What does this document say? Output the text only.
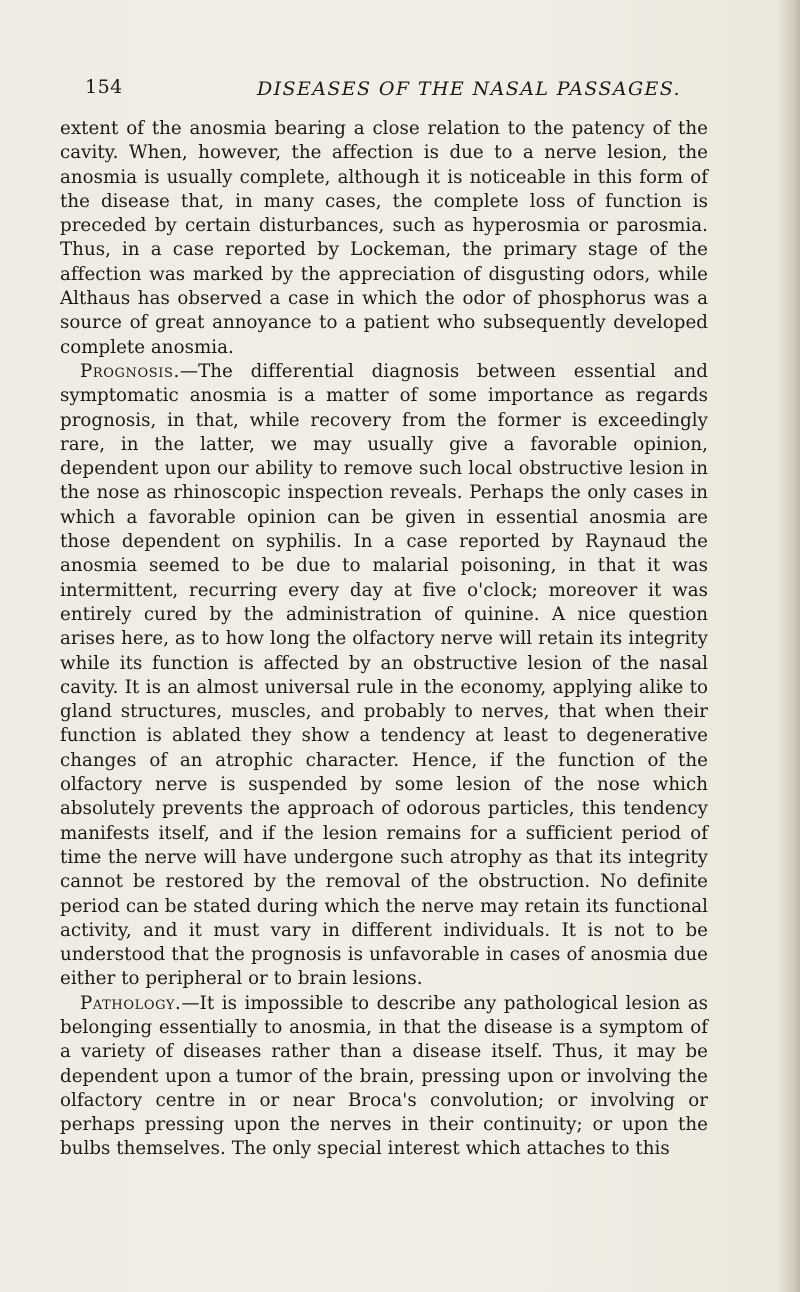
154	DISEASES OF THE NASAL PASSAGES.

extent of the anosmia bearing a close relation to the patency of the cavity. When, however, the affection is due to a nerve lesion, the anosmia is usually complete, although it is noticeable in this form of the disease that, in many cases, the complete loss of function is preceded by certain disturbances, such as hyperosmia or parosmia. Thus, in a case reported by Lockeman, the primary stage of the affection was marked by the appreciation of disgusting odors, while Althaus has observed a case in which the odor of phosphorus was a source of great annoyance to a patient who subsequently developed complete anosmia.

Prognosis.—The differential diagnosis between essential and symptomatic anosmia is a matter of some importance as regards prognosis, in that, while recovery from the former is exceedingly rare, in the latter, we may usually give a favorable opinion, dependent upon our ability to remove such local obstructive lesion in the nose as rhinoscopic inspection reveals. Perhaps the only cases in which a favorable opinion can be given in essential anosmia are those dependent on syphilis. In a case reported by Raynaud the anosmia seemed to be due to malarial poisoning, in that it was intermittent, recurring every day at five o'clock; moreover it was entirely cured by the administration of quinine. A nice question arises here, as to how long the olfactory nerve will retain its integrity while its function is affected by an obstructive lesion of the nasal cavity. It is an almost universal rule in the economy, applying alike to gland structures, muscles, and probably to nerves, that when their function is ablated they show a tendency at least to degenerative changes of an atrophic character. Hence, if the function of the olfactory nerve is suspended by some lesion of the nose which absolutely prevents the approach of odorous particles, this tendency manifests itself, and if the lesion remains for a sufficient period of time the nerve will have undergone such atrophy as that its integrity cannot be restored by the removal of the obstruction. No definite period can be stated during which the nerve may retain its functional activity, and it must vary in different individuals. It is not to be understood that the prognosis is unfavorable in cases of anosmia due either to peripheral or to brain lesions.

Pathology.—It is impossible to describe any pathological lesion as belonging essentially to anosmia, in that the disease is a symptom of a variety of diseases rather than a disease itself. Thus, it may be dependent upon a tumor of the brain, pressing upon or involving the olfactory centre in or near Broca's convolution; or involving or perhaps pressing upon the nerves in their continuity; or upon the bulbs themselves. The only special interest which attaches to this
